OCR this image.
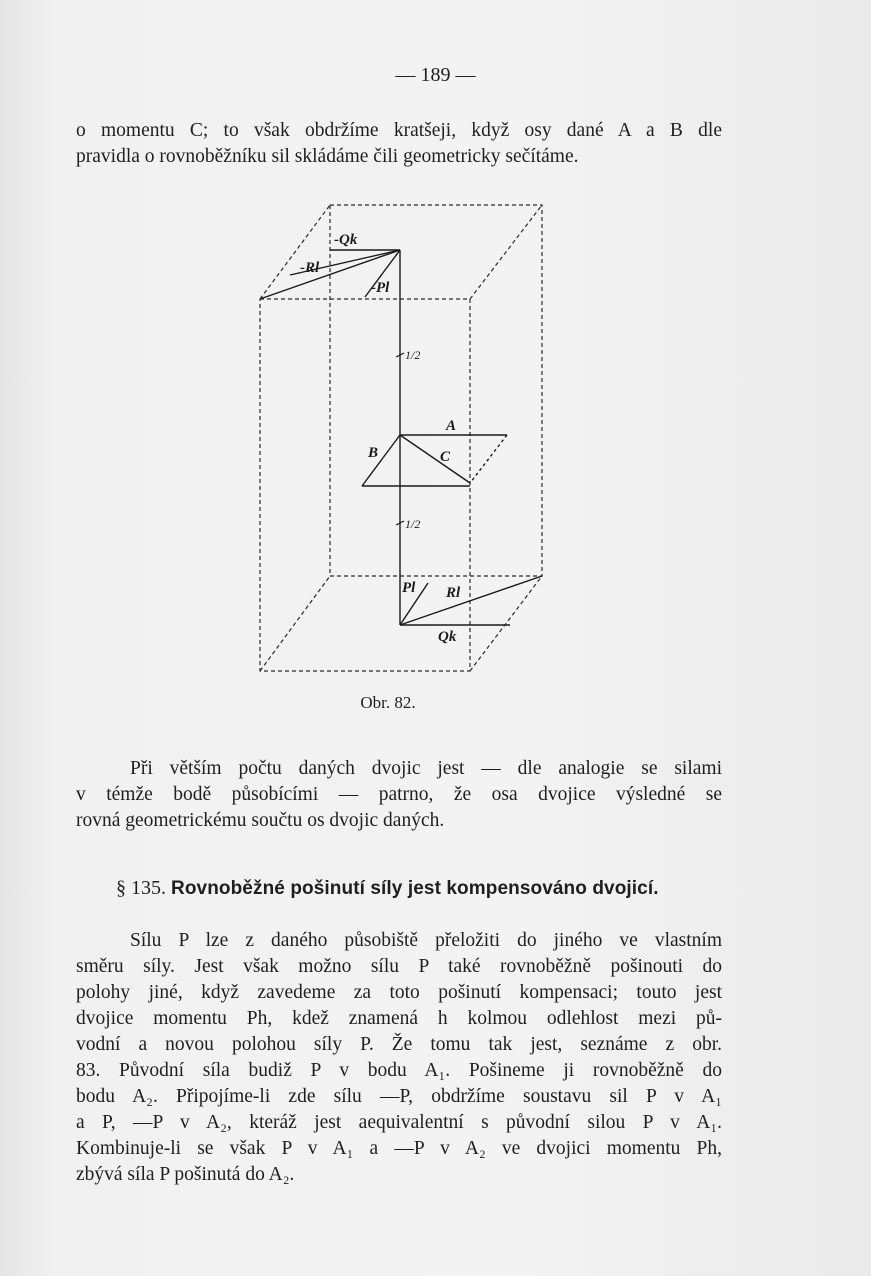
— 189 —
o momentu C; to však obdržíme kratšeji, když osy dané A a B dle
pravidla o rovnoběžníku sil skládáme čili geometricky sečítáme.
-Qk
-Rl
-Pl
1/2
A
B	C
1/2
Pl Rl
Qk
Obr. 82.
Při větším počtu daných dvojic jest — dle analogie se silami
v témže bodě působícími — patrno, že osa dvojice výsledné se
rovná geometrickému součtu os dvojic daných.
§ 135. Rovnoběžné pošinutí síly jest kompensováno dvojicí.
Sílu P lze z daného působiště přeložiti do jiného ve vlastním
směru síly. Jest však možno sílu P také rovnoběžně pošinouti do
polohy jiné, když zavedeme za toto pošinutí kompensaci; touto jest
dvojice momentu Ph, kdež znamená h kolmou odlehlost mezi pů-
vodní a novou polohou síly P. Že tomu tak jest, seznáme z obr.
83. Původní síla budiž P v bodu A₁. Pošineme ji rovnoběžně do
bodu A₂. Připojíme-li zde sílu —P, obdržíme soustavu sil P v A₁
a P, —P v A₂, kteráž jest aequivalentní s původní silou P v A₁.
Kombinuje-li se však P v A₁ a —P v A₂ ve dvojici momentu Ph,
zbývá síla P pošinutá do A₂.
